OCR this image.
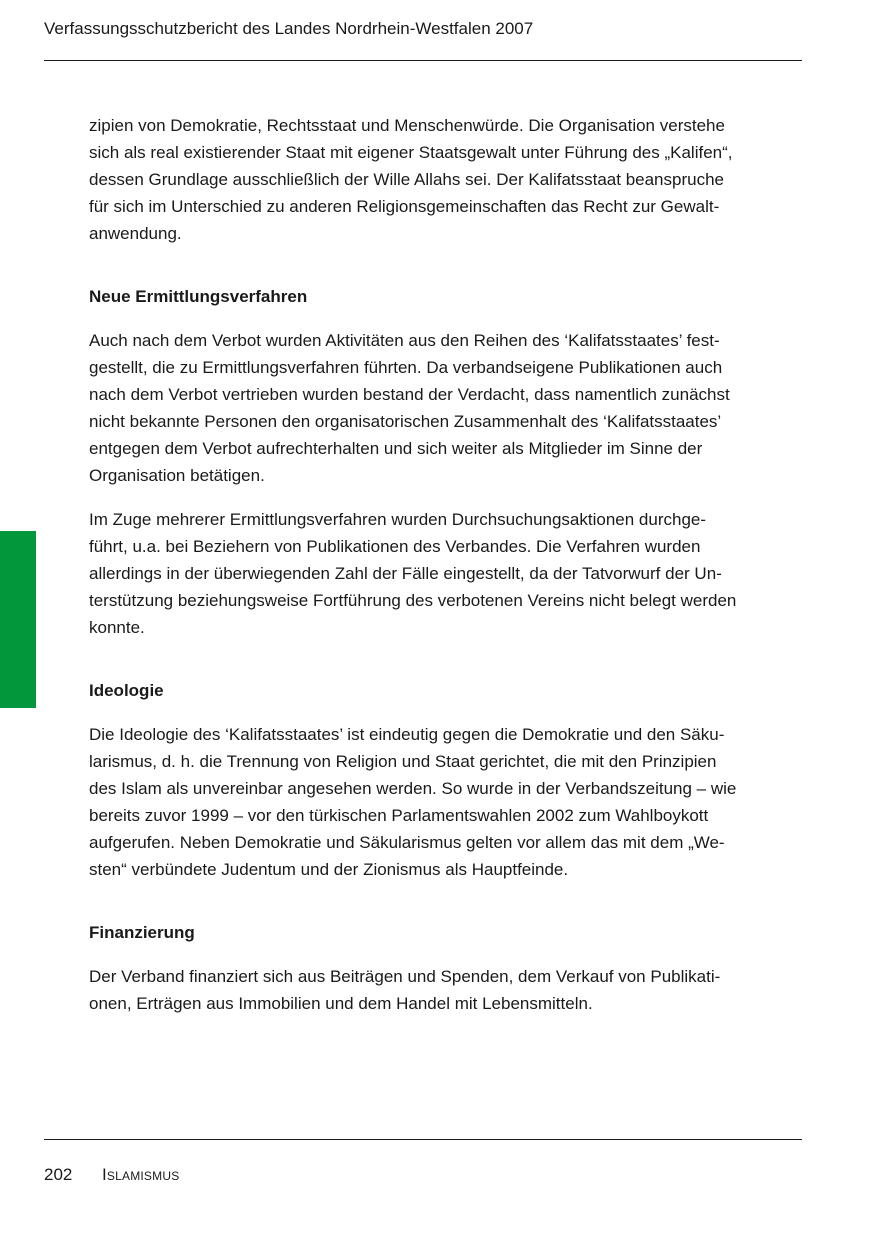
Verfassungsschutzbericht des Landes Nordrhein-Westfalen 2007

zipien von Demokratie, Rechtsstaat und Menschenwürde. Die Organisation verstehe
sich als real existierender Staat mit eigener Staatsgewalt unter Führung des „Kalifen“,
dessen Grundlage ausschließlich der Wille Allahs sei. Der Kalifatsstaat beanspruche
für sich im Unterschied zu anderen Religionsgemeinschaften das Recht zur Gewalt-
anwendung.

Neue Ermittlungsverfahren

Auch nach dem Verbot wurden Aktivitäten aus den Reihen des ‘Kalifatsstaates’ fest-
gestellt, die zu Ermittlungsverfahren führten. Da verbandseigene Publikationen auch
nach dem Verbot vertrieben wurden bestand der Verdacht, dass namentlich zunächst
nicht bekannte Personen den organisatorischen Zusammenhalt des ‘Kalifatsstaates’
entgegen dem Verbot aufrechterhalten und sich weiter als Mitglieder im Sinne der
Organisation betätigen.

Im Zuge mehrerer Ermittlungsverfahren wurden Durchsuchungsaktionen durchge-
führt, u.a. bei Beziehern von Publikationen des Verbandes. Die Verfahren wurden
allerdings in der überwiegenden Zahl der Fälle eingestellt, da der Tatvorwurf der Un-
terstützung beziehungsweise Fortführung des verbotenen Vereins nicht belegt werden
konnte.

Ideologie

Die Ideologie des ‘Kalifatsstaates’ ist eindeutig gegen die Demokratie und den Säku-
larismus, d. h. die Trennung von Religion und Staat gerichtet, die mit den Prinzipien
des Islam als unvereinbar angesehen werden. So wurde in der Verbandszeitung – wie
bereits zuvor 1999 – vor den türkischen Parlamentswahlen 2002 zum Wahlboykott
aufgerufen. Neben Demokratie und Säkularismus gelten vor allem das mit dem „We-
sten“ verbündete Judentum und der Zionismus als Hauptfeinde.

Finanzierung

Der Verband finanziert sich aus Beiträgen und Spenden, dem Verkauf von Publikati-
onen, Erträgen aus Immobilien und dem Handel mit Lebensmitteln.

202 Islamismus
